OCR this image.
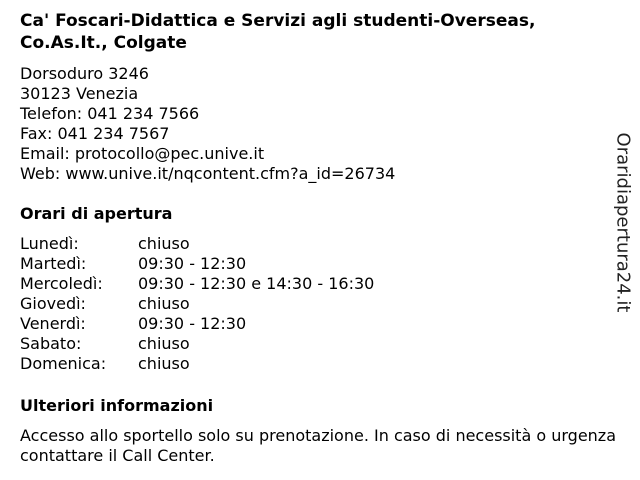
Ca' Foscari-Didattica e Servizi agli studenti-Overseas,
Co.As.It., Colgate
Dorsoduro 3246
30123 Venezia
Telefon: 041 234 7566
Fax: 041 234 7567
Email: protocollo@pec.unive.it
Web: www.unive.it/nqcontent.cfm?a_id=26734
Orari di apertura
Lunedì:	chiuso
Martedì:	09:30 - 12:30
Mercoledì:	09:30 - 12:30 e 14:30 - 16:30
Giovedì:	chiuso
Venerdì:	09:30 - 12:30
Sabato:	chiuso
Domenica:	chiuso
Ulteriori informazioni
Accesso allo sportello solo su prenotazione. In caso di necessità o urgenza contattare il Call Center.
Oraridiapertura24.it
